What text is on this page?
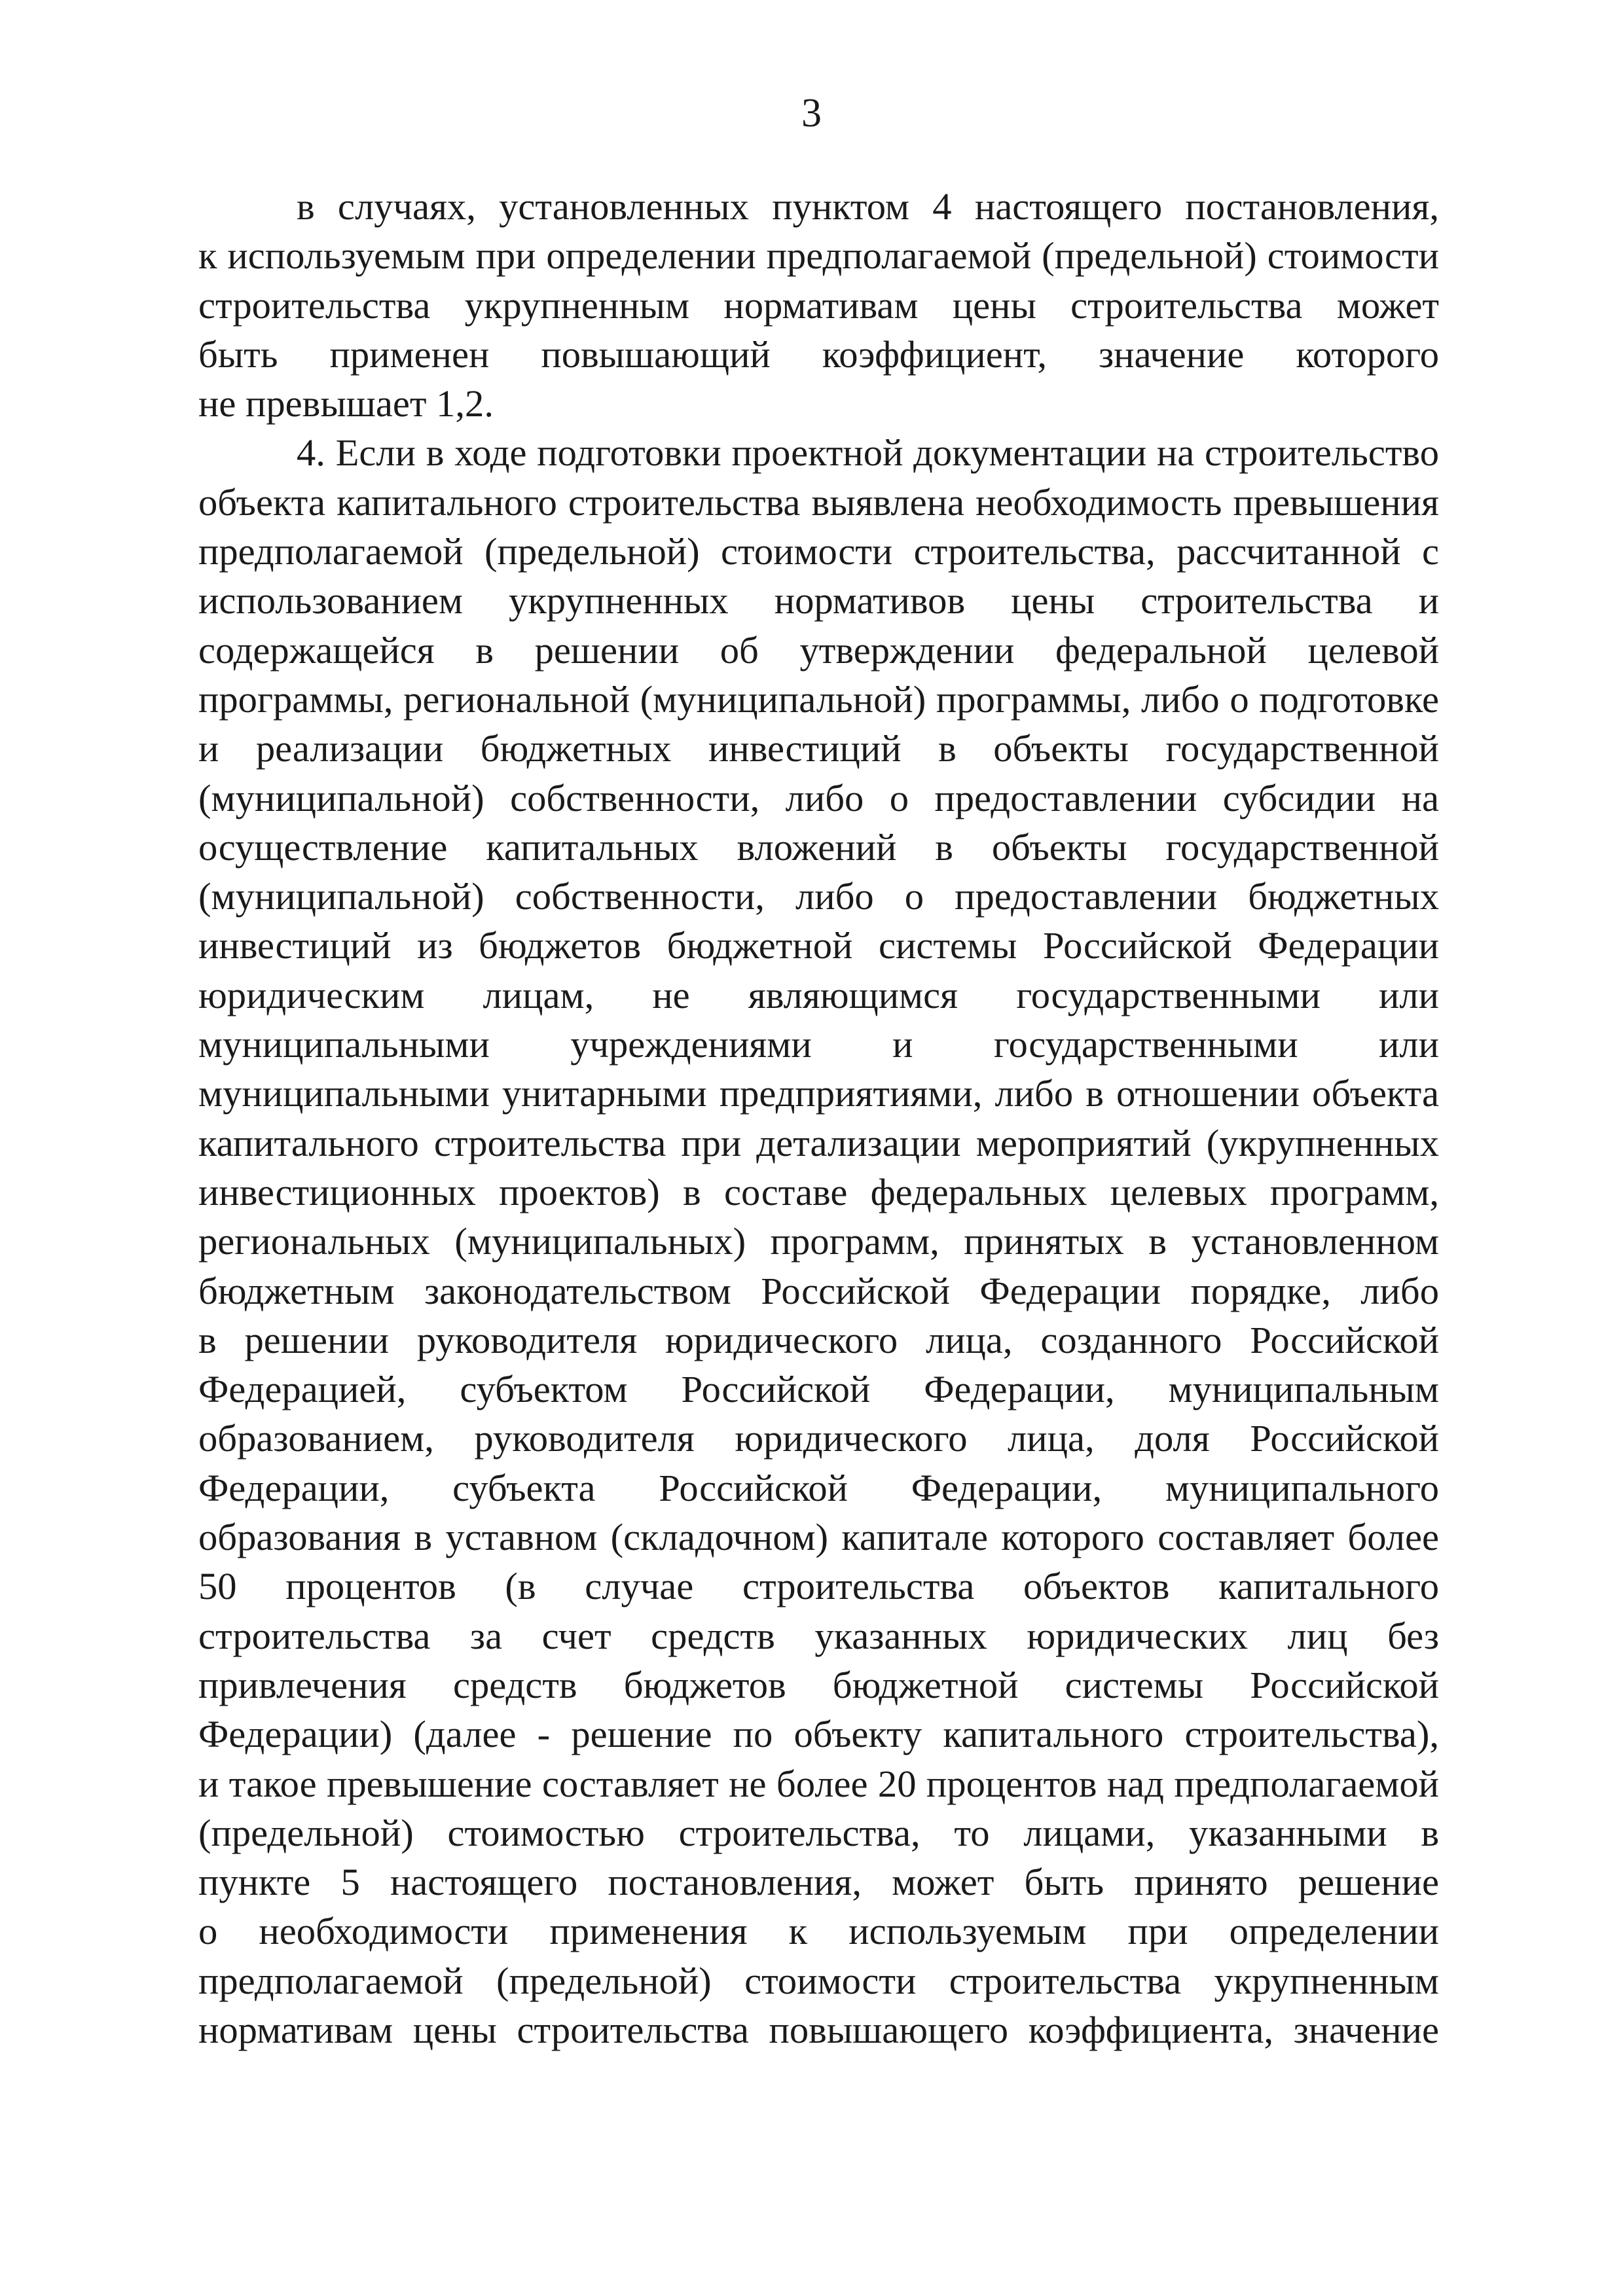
3

в случаях, установленных пунктом 4 настоящего постановления,
к используемым при определении предполагаемой (предельной) стоимости
строительства укрупненным нормативам цены строительства может
быть применен повышающий коэффициент, значение которого
не превышает 1,2.

4. Если в ходе подготовки проектной документации на строительство
объекта капитального строительства выявлена необходимость превышения
предполагаемой (предельной) стоимости строительства, рассчитанной с
использованием укрупненных нормативов цены строительства и
содержащейся в решении об утверждении федеральной целевой
программы, региональной (муниципальной) программы, либо о подготовке
и реализации бюджетных инвестиций в объекты государственной
(муниципальной) собственности, либо о предоставлении субсидии на
осуществление капитальных вложений в объекты государственной
(муниципальной) собственности, либо о предоставлении бюджетных
инвестиций из бюджетов бюджетной системы Российской Федерации
юридическим лицам, не являющимся государственными или
муниципальными учреждениями и государственными или
муниципальными унитарными предприятиями, либо в отношении объекта
капитального строительства при детализации мероприятий (укрупненных
инвестиционных проектов) в составе федеральных целевых программ,
региональных (муниципальных) программ, принятых в установленном
бюджетным законодательством Российской Федерации порядке, либо
в решении руководителя юридического лица, созданного Российской
Федерацией, субъектом Российской Федерации, муниципальным
образованием, руководителя юридического лица, доля Российской
Федерации, субъекта Российской Федерации, муниципального
образования в уставном (складочном) капитале которого составляет более
50 процентов (в случае строительства объектов капитального
строительства за счет средств указанных юридических лиц без
привлечения средств бюджетов бюджетной системы Российской
Федерации) (далее - решение по объекту капитального строительства),
и такое превышение составляет не более 20 процентов над предполагаемой
(предельной) стоимостью строительства, то лицами, указанными в
пункте 5 настоящего постановления, может быть принято решение
о необходимости применения к используемым при определении
предполагаемой (предельной) стоимости строительства укрупненным
нормативам цены строительства повышающего коэффициента, значение
